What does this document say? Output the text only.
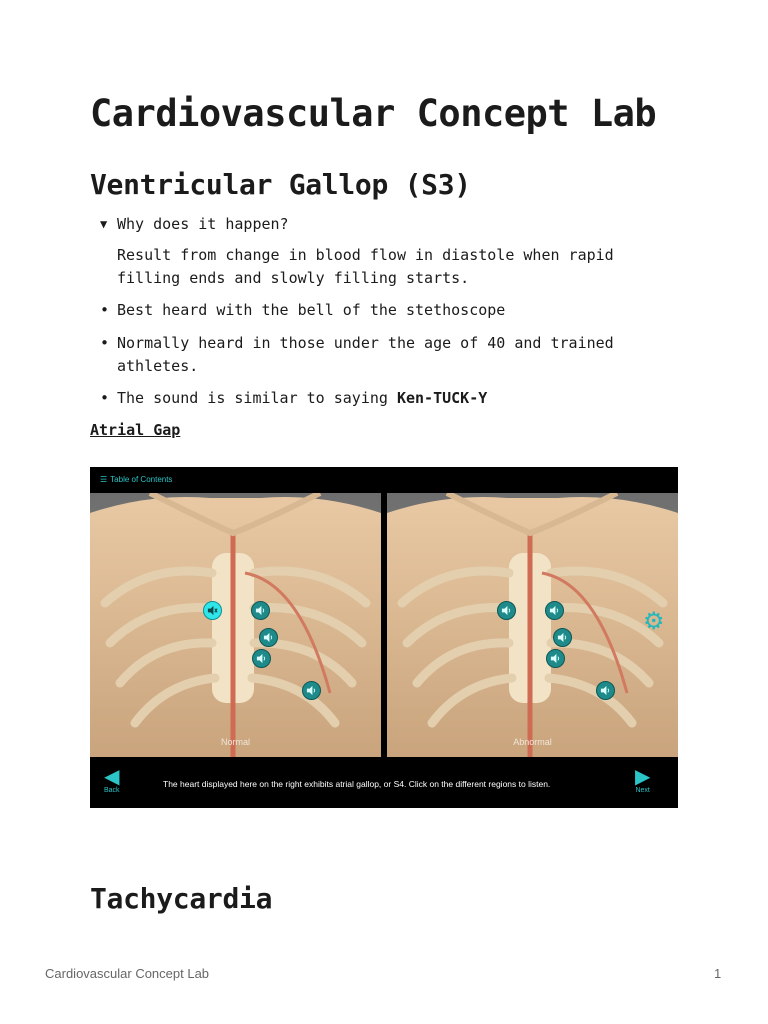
Cardiovascular Concept Lab
Ventricular Gallop (S3)
▼ Why does it happen?
Result from change in blood flow in diastole when rapid filling ends and slowly filling starts.
• Best heard with the bell of the stethoscope
• Normally heard in those under the age of 40 and trained athletes.
• The sound is similar to saying Ken-TUCK-Y
Atrial Gap
☰ Table of Contents
Normal	Abnormal
⚙
◀
Back
The heart displayed here on the right exhibits atrial gallop, or S4. Click on the different regions to listen.	▶
Next
Tachycardia
Cardiovascular Concept Lab	1
